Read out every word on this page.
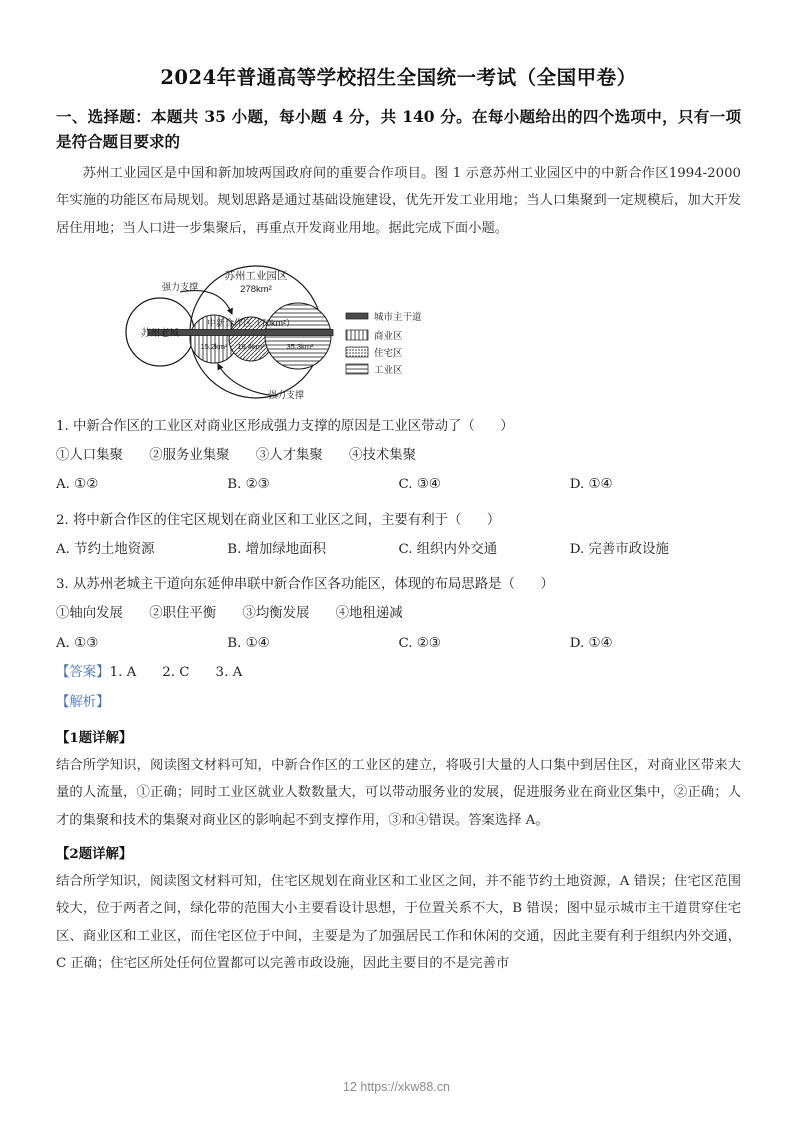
2024年普通高等学校招生全国统一考试（全国甲卷）
一、选择题：本题共 35 小题，每小题 4 分，共 140 分。在每小题给出的四个选项中，只有一项是符合题目要求的

苏州工业园区是中国和新加坡两国政府间的重要合作项目。图 1 示意苏州工业园区中的中新合作区1994-2000 年实施的功能区布局规划。规划思路是通过基础设施建设，优先开发工业用地；当人口集聚到一定规模后，加大开发居住用地；当人口进一步集聚后，再重点开发商业用地。据此完成下面小题。

苏州工业园区
278km²
苏州老城
强力支撑
强力支撑
中新合作区（70km²）
15.2km² 16.4km²	35.3km²
城市主干道
商业区
住宅区
工业区
1. 中新合作区的工业区对商业区形成强力支撑的原因是工业区带动了（      ）
①人口集聚 ②服务业集聚 ③人才集聚 ④技术集聚
A. ①②	B. ②③	C. ③④	D. ①④
2. 将中新合作区的住宅区规划在商业区和工业区之间，主要有利于（      ）
A. 节约土地资源	B. 增加绿地面积	C. 组织内外交通	D. 完善市政设施
3. 从苏州老城主干道向东延伸串联中新合作区各功能区，体现的布局思路是（      ）
①轴向发展 ②职住平衡 ③均衡发展 ④地租递减
A. ①③	B. ①④	C. ②③	D. ①④
【答案】1. A 2. C 3. A
【解析】
【1题详解】

结合所学知识，阅读图文材料可知，中新合作区的工业区的建立，将吸引大量的人口集中到居住区，对商业区带来大量的人流量，①正确；同时工业区就业人数数量大，可以带动服务业的发展，促进服务业在商业区集中，②正确；人才的集聚和技术的集聚对商业区的影响起不到支撑作用，③和④错误。答案选择 A。

【2题详解】

结合所学知识，阅读图文材料可知，住宅区规划在商业区和工业区之间，并不能节约土地资源，A 错误；住宅区范围较大，位于两者之间，绿化带的范围大小主要看设计思想，于位置关系不大，B 错误；图中显示城市主干道贯穿住宅区、商业区和工业区，而住宅区位于中间，主要是为了加强居民工作和休闲的交通，因此主要有利于组织内外交通，C 正确；住宅区所处任何位置都可以完善市政设施，因此主要目的不是完善市

12 https://xkw88.cn
